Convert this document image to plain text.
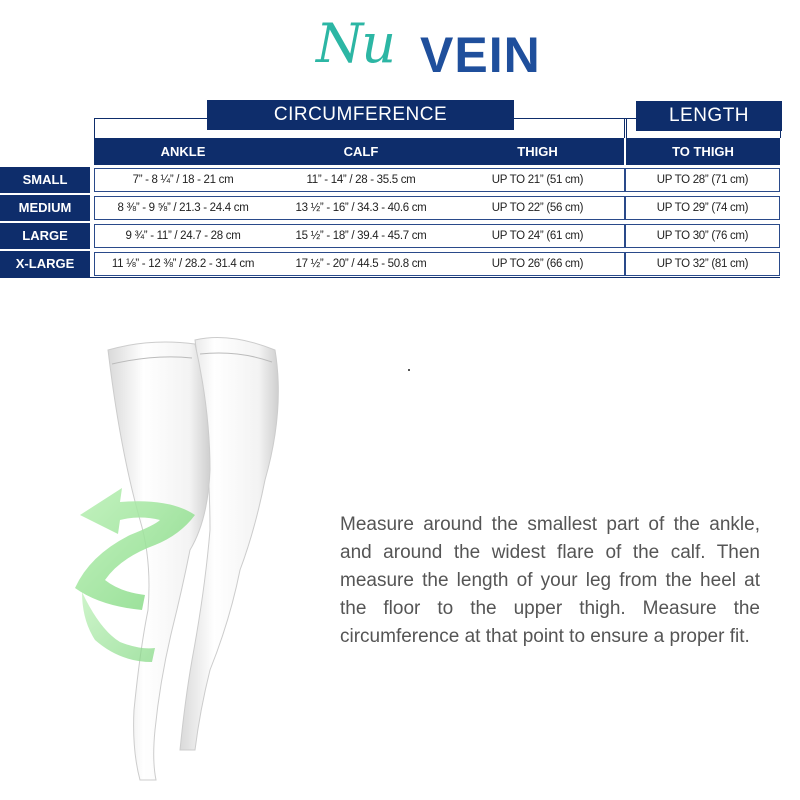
Nu VEIN
CIRCUMFERENCE	LENGTH
ANKLE	CALF	THIGH	TO THIGH
SMALL	7” - 8 ¼” / 18 - 21 cm	11” - 14” / 28 - 35.5 cm	UP TO 21” (51 cm)	UP TO 28” (71 cm)
MEDIUM	8 ⅜” - 9 ⅝” / 21.3 - 24.4 cm	13 ½” - 16” / 34.3 - 40.6 cm	UP TO 22” (56 cm)	UP TO 29” (74 cm)
LARGE	9 ¾” - 11” / 24.7 - 28 cm	15 ½” - 18” / 39.4 - 45.7 cm	UP TO 24” (61 cm)	UP TO 30” (76 cm)
X-LARGE	11 ⅛” - 12 ⅜” / 28.2 - 31.4 cm	17 ½” - 20” / 44.5 - 50.8 cm	UP TO 26” (66 cm)	UP TO 32” (81 cm)
Measure around the smallest part of the ankle, and around the widest flare of the calf. Then measure the length of your leg from the heel at the floor to the upper thigh. Measure the circumference at that point to ensure a proper fit.
